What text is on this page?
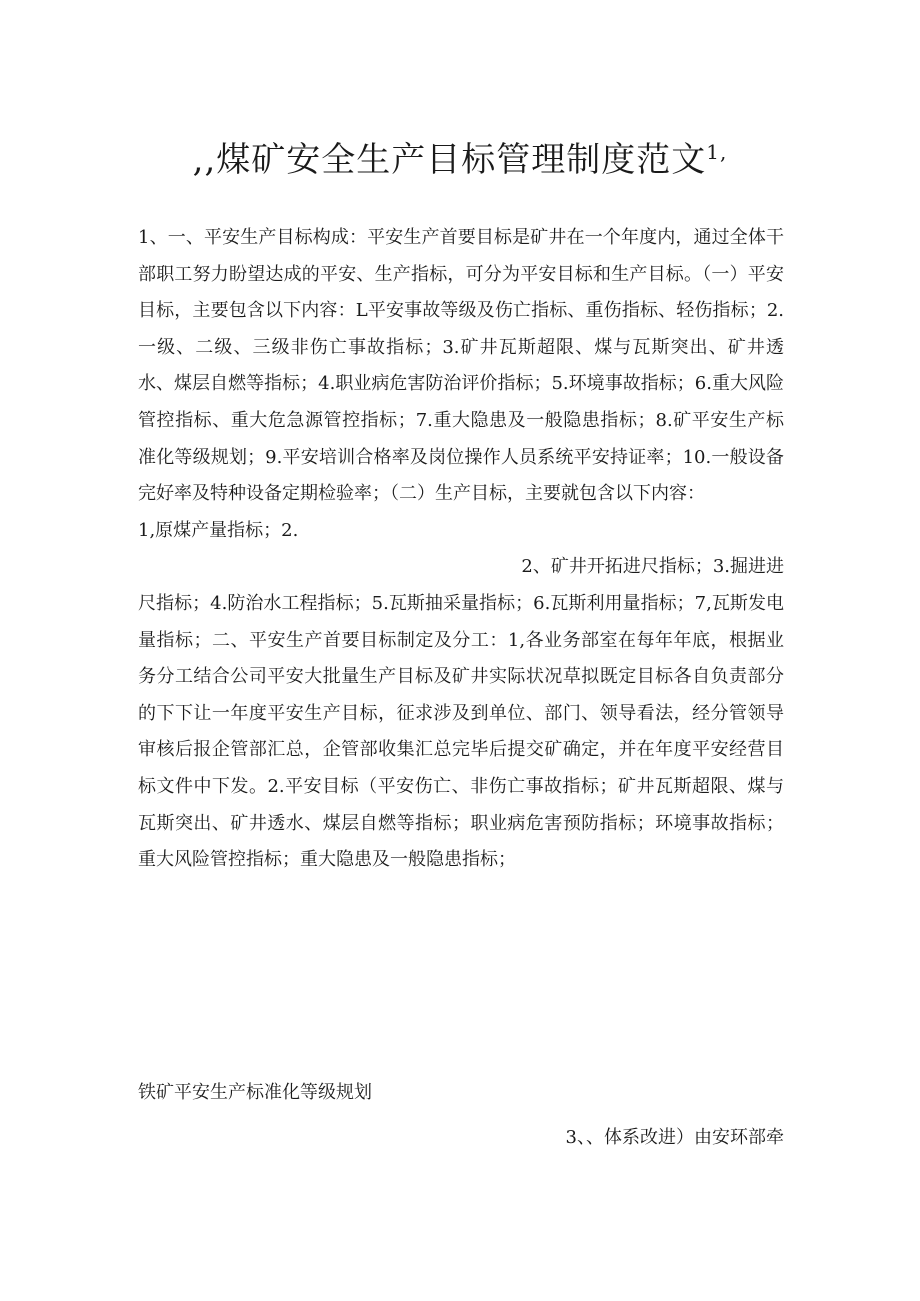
,,煤矿安全生产目标管理制度范文$^{1,}$

1、一、平安生产目标构成：平安生产首要目标是矿井在一个年度内，通过全体干部职工努力盼望达成的平安、生产指标，可分为平安目标和生产目标。（一）平安目标，主要包含以下内容：L平安事故等级及伤亡指标、重伤指标、轻伤指标；2.一级、二级、三级非伤亡事故指标；3.矿井瓦斯超限、煤与瓦斯突出、矿井透水、煤层自燃等指标；4.职业病危害防治评价指标；5.环境事故指标；6.重大风险管控指标、重大危急源管控指标；7.重大隐患及一般隐患指标；8.矿平安生产标准化等级规划；9.平安培训合格率及岗位操作人员系统平安持证率；10.一般设备完好率及特种设备定期检验率；（二）生产目标，主要就包含以下内容：

1,原煤产量指标；2.

2、矿井开拓进尺指标；3.掘进进

尺指标；4.防治水工程指标；5.瓦斯抽采量指标；6.瓦斯利用量指标；7,瓦斯发电量指标；二、平安生产首要目标制定及分工：1,各业务部室在每年年底，根据业务分工结合公司平安大批量生产目标及矿井实际状况草拟既定目标各自负责部分的下下让一年度平安生产目标，征求涉及到单位、部门、领导看法，经分管领导审核后报企管部汇总，企管部收集汇总完毕后提交矿确定，并在年度平安经营目标文件中下发。2.平安目标（平安伤亡、非伤亡事故指标；矿井瓦斯超限、煤与瓦斯突出、矿井透水、煤层自燃等指标；职业病危害预防指标；环境事故指标；重大风险管控指标；重大隐患及一般隐患指标；

铁矿平安生产标准化等级规划
3、、体系改进）由安环部牵
